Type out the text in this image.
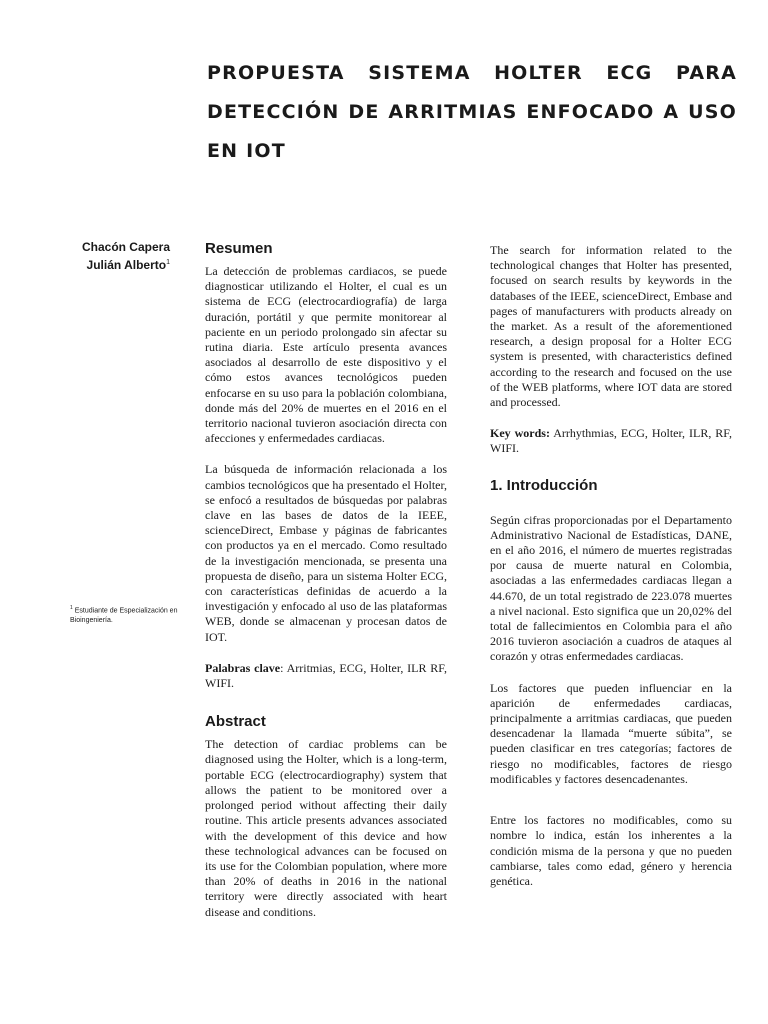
PROPUESTA SISTEMA HOLTER ECG PARA DETECCIÓN DE ARRITMIAS ENFOCADO A USO EN IOT
Chacón Capera
Julián Alberto$^1$
$^1$ Estudiante de Especialización en Bioingeniería.
Resumen

La detección de problemas cardiacos, se puede diagnosticar utilizando el Holter, el cual es un sistema de ECG (electrocardiografía) de larga duración, portátil y que permite monitorear al paciente en un periodo prolongado sin afectar su rutina diaria. Este artículo presenta avances asociados al desarrollo de este dispositivo y el cómo estos avances tecnológicos pueden enfocarse en su uso para la población colombiana, donde más del 20% de muertes en el 2016 en el territorio nacional tuvieron asociación directa con afecciones y enfermedades cardiacas.

La búsqueda de información relacionada a los cambios tecnológicos que ha presentado el Holter, se enfocó a resultados de búsquedas por palabras clave en las bases de datos de la IEEE, scienceDirect, Embase y páginas de fabricantes con productos ya en el mercado. Como resultado de la investigación mencionada, se presenta una propuesta de diseño, para un sistema Holter ECG, con características definidas de acuerdo a la investigación y enfocado al uso de las plataformas WEB, donde se almacenan y procesan datos de IOT.

Palabras clave: Arritmias, ECG, Holter, ILR RF, WIFI.

Abstract

The detection of cardiac problems can be diagnosed using the Holter, which is a long-term, portable ECG (electrocardiography) system that allows the patient to be monitored over a prolonged period without affecting their daily routine. This article presents advances associated with the development of this device and how these technological advances can be focused on its use for the Colombian population, where more than 20% of deaths in 2016 in the national territory were directly associated with heart disease and conditions.

The search for information related to the technological changes that Holter has presented, focused on search results by keywords in the databases of the IEEE, scienceDirect, Embase and pages of manufacturers with products already on the market. As a result of the aforementioned research, a design proposal for a Holter ECG system is presented, with characteristics defined according to the research and focused on the use of the WEB platforms, where IOT data are stored and processed.

Key words: Arrhythmias, ECG, Holter, ILR, RF, WIFI.

1. Introducción

Según cifras proporcionadas por el Departamento Administrativo Nacional de Estadísticas, DANE, en el año 2016, el número de muertes registradas por causa de muerte natural en Colombia, asociadas a las enfermedades cardiacas llegan a 44.670, de un total registrado de 223.078 muertes a nivel nacional. Esto significa que un 20,02% del total de fallecimientos en Colombia para el año 2016 tuvieron asociación a cuadros de ataques al corazón y otras enfermedades cardiacas.

Los factores que pueden influenciar en la aparición de enfermedades cardiacas, principalmente a arritmias cardiacas, que pueden desencadenar la llamada “muerte súbita”, se pueden clasificar en tres categorías; factores de riesgo no modificables, factores de riesgo modificables y factores desencadenantes.

Entre los factores no modificables, como su nombre lo indica, están los inherentes a la condición misma de la persona y que no pueden cambiarse, tales como edad, género y herencia genética.
